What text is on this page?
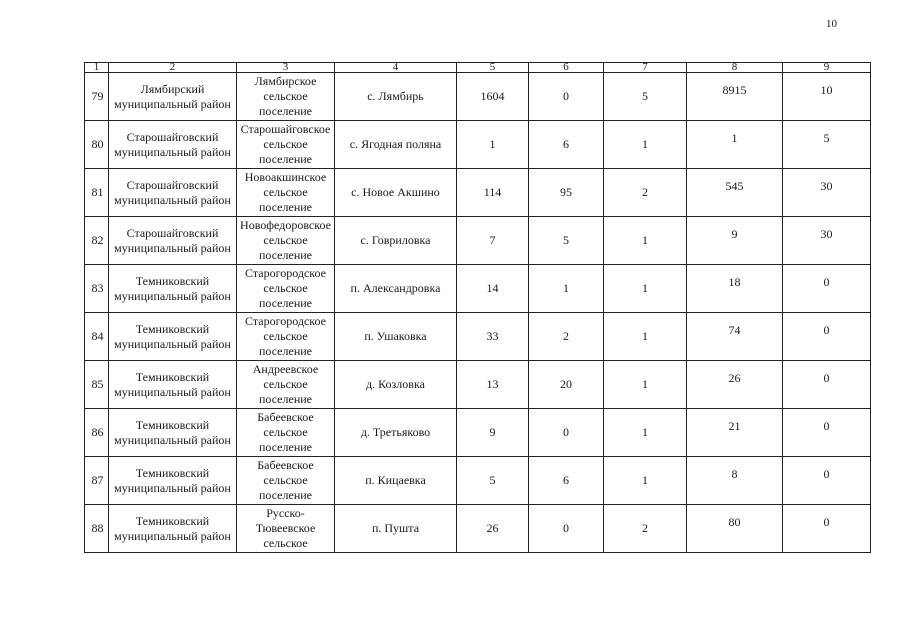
10
1	2	3	4	5	6	7	8	9
79	Лямбирский муниципальный район	Лямбирское сельское поселение	с. Лямбирь	1604	0	5	8915	10
80	Старошайговский муниципальный район	Старошайговское сельское поселение	с. Ягодная поляна	1	6	1	1	5
81	Старошайговский муниципальный район	Новоакшинское сельское поселение	с. Новое Акшино	114	95	2	545	30
82	Старошайговский муниципальный район	Новофедоровское сельское поселение	с. Говриловка	7	5	1	9	30
83	Темниковский муниципальный район	Старогородское сельское поселение	п. Александровка	14	1	1	18	0
84	Темниковский муниципальный район	Старогородское сельское поселение	п. Ушаковка	33	2	1	74	0
85	Темниковский муниципальный район	Андреевское сельское поселение	д. Козловка	13	20	1	26	0
86	Темниковский муниципальный район	Бабеевское сельское поселение	д. Третьяково	9	0	1	21	0
87	Темниковский муниципальный район	Бабеевское сельское поселение	п. Кицаевка	5	6	1	8	0
88	Темниковский муниципальный район	Русско-Тювеевское сельское	п. Пушта	26	0	2	80	0
